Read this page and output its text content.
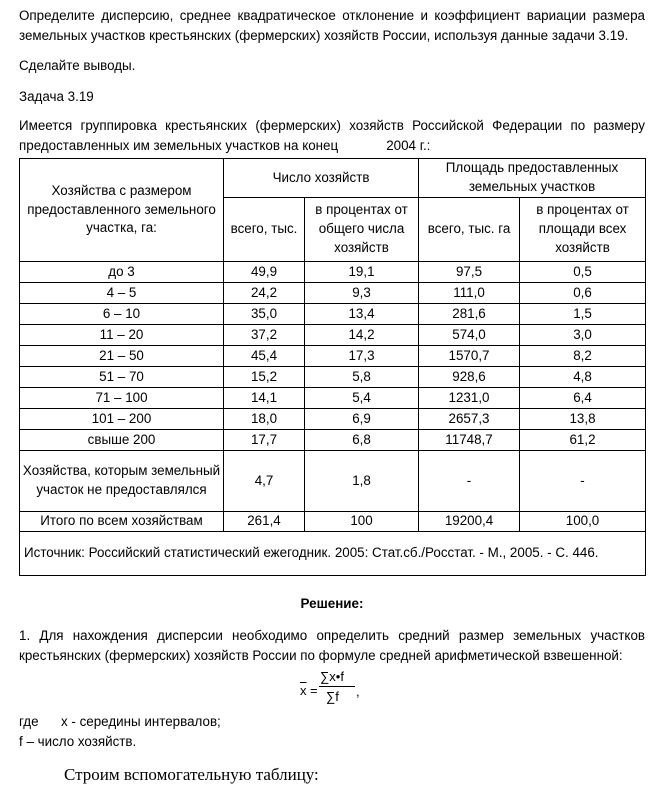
Определите дисперсию, среднее квадратическое отклонение и коэффициент вариации размера земельных участков крестьянских (фермерских) хозяйств России, используя данные задачи 3.19.

Сделайте выводы.

Задача 3.19

Имеется группировка крестьянских (фермерских) хозяйств Российской Федерации по размеру

предоставленных им земельных участков на конец	2004 г.:

Хозяйства с размером предоставленного земельного участка, га:	Число хозяйств		Площадь предоставленных земельных участков	
	всего, тыс.	в процентах от общего числа хозяйств	всего, тыс. га	в процентах от площади всех хозяйств
до 3	49,9	19,1	97,5	0,5
4 – 5	24,2	9,3	111,0	0,6
6 – 10	35,0	13,4	281,6	1,5
11 – 20	37,2	14,2	574,0	3,0
21 – 50	45,4	17,3	1570,7	8,2
51 – 70	15,2	5,8	928,6	4,8
71 – 100	14,1	5,4	1231,0	6,4
101 – 200	18,0	6,9	2657,3	13,8
свыше 200	17,7	6,8	11748,7	61,2
Хозяйства, которым земельный участок не предоставлялся	4,7	1,8	-	-
Итого по всем хозяйствам	261,4	100	19200,4	100,0
Источник: Российский статистический ежегодник. 2005: Стат.сб./Росстат. - М., 2005. - С. 446.				

Решение:

1. Для нахождения дисперсии необходимо определить средний размер земельных участков крестьянских (фермерских) хозяйств России по формуле средней арифметической взвешенной:

$\overline{x}$ =
∑x•f
∑f ,
где x - середины интервалов;
f – число хозяйств.
Строим вспомогательную таблицу:
